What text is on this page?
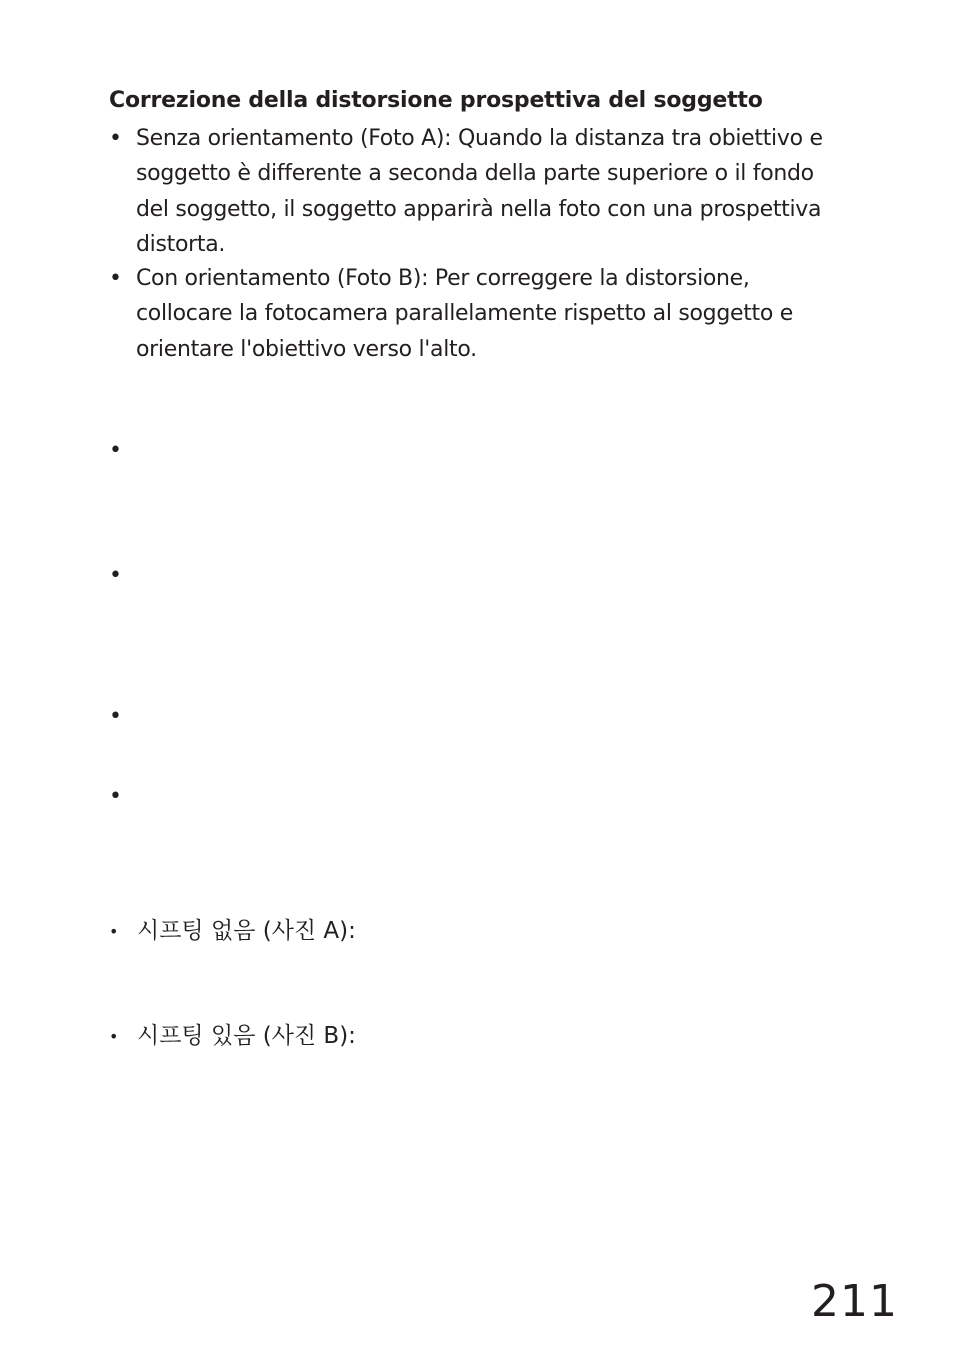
Correzione della distorsione prospettiva del soggetto
• Senza orientamento (Foto A): Quando la distanza tra obiettivo e soggetto è differente a seconda della parte superiore o il fondo del soggetto, il soggetto apparirà nella foto con una prospettiva distorta.
• Con orientamento (Foto B): Per correggere la distorsione, collocare la fotocamera parallelamente rispetto al soggetto e orientare l'obiettivo verso l'alto.
•
•
•
•
• 시프팅 없음 (사진 A):
• 시프팅 있음 (사진 B):
211
